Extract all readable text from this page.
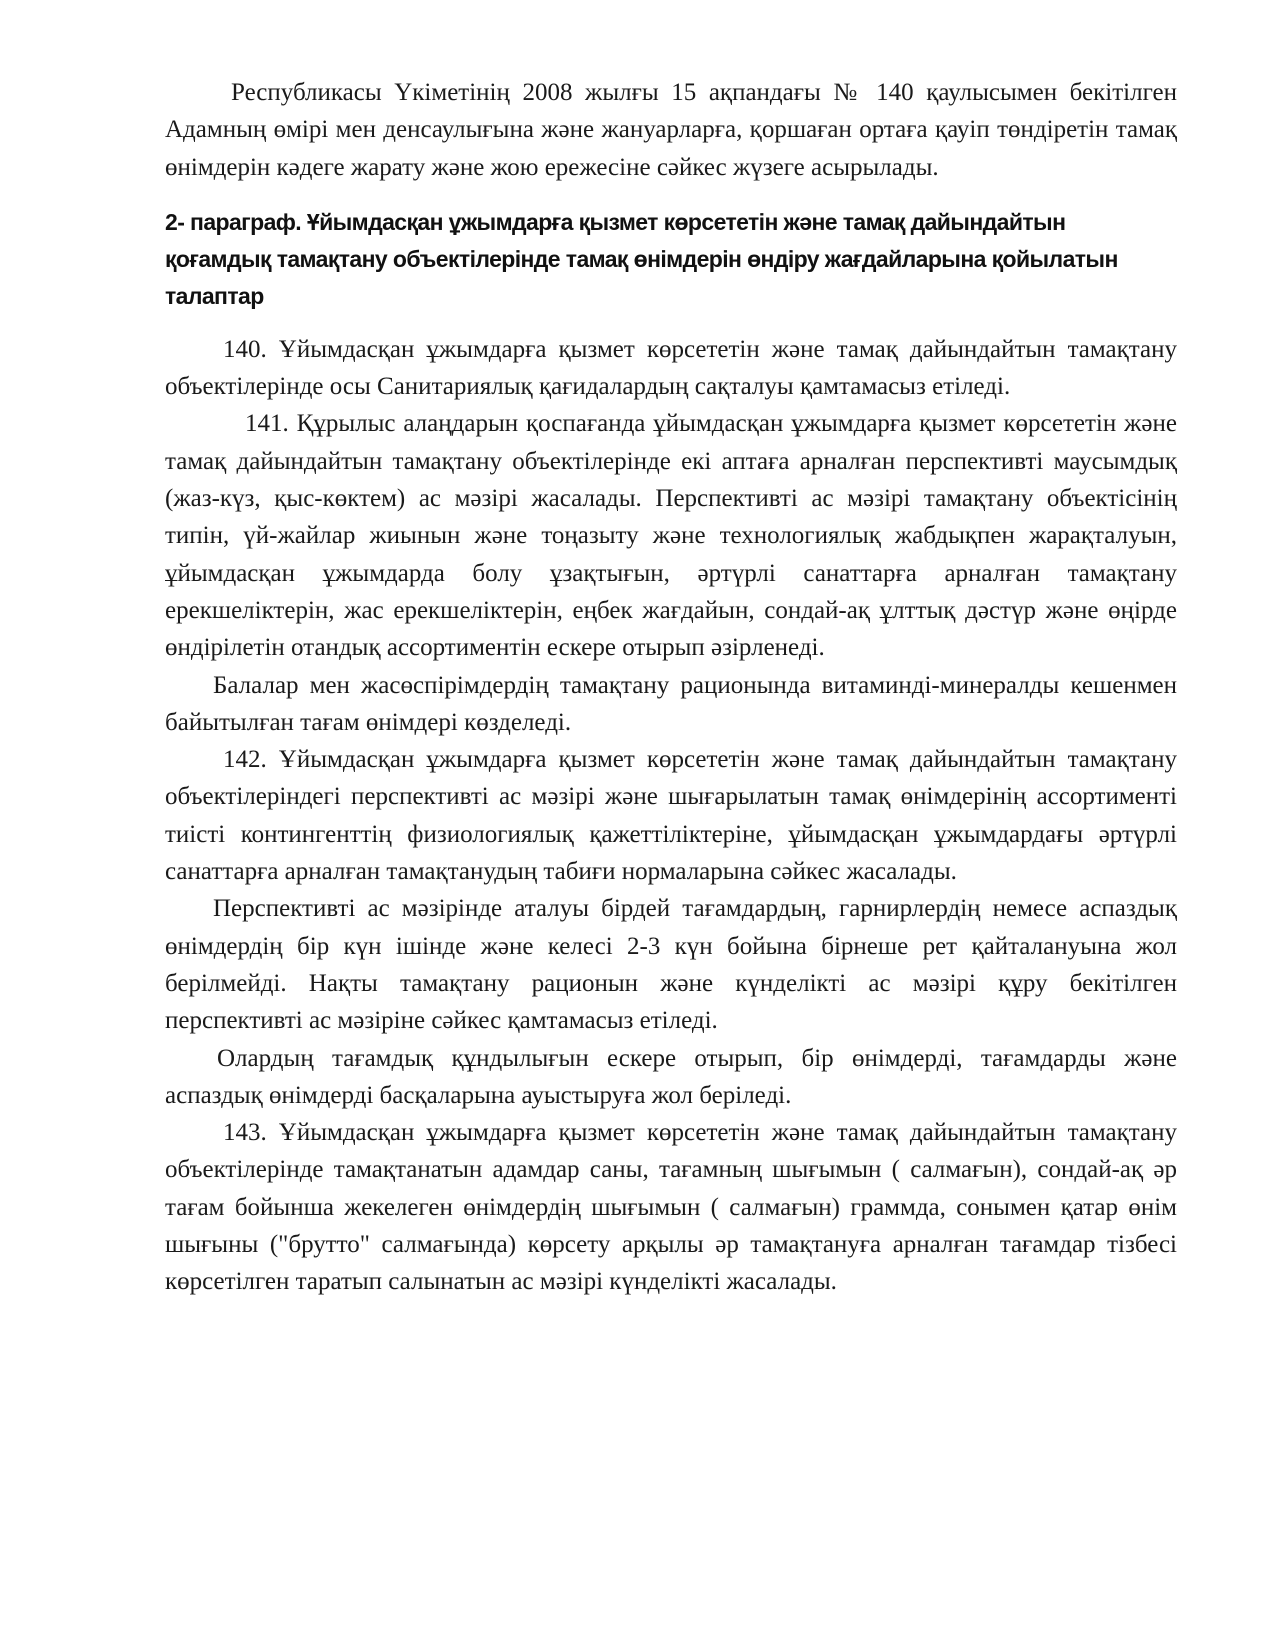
Республикасы Үкіметінің 2008 жылғы 15 ақпандағы № 140 қаулысымен бекітілген Адамның өмірі мен денсаулығына және жануарларға, қоршаған ортаға қауіп төндіретін тамақ өнімдерін кәдеге жарату және жою ережесіне сәйкес жүзеге асырылады.

2- параграф. Ұйымдасқан ұжымдарға қызмет көрсететін және тамақ дайындайтын қоғамдық тамақтану объектілерінде тамақ өнімдерін өндіру жағдайларына қойылатын талаптар

140. Ұйымдасқан ұжымдарға қызмет көрсететін және тамақ дайындайтын тамақтану объектілерінде осы Санитариялық қағидалардың сақталуы қамтамасыз етіледі.

141. Құрылыс алаңдарын қоспағанда ұйымдасқан ұжымдарға қызмет көрсететін және тамақ дайындайтын тамақтану объектілерінде екі аптаға арналған перспективті маусымдық (жаз-күз, қыс-көктем) ас мәзірі жасалады. Перспективті ас мәзірі тамақтану объектісінің типін, үй-жайлар жиынын және тоңазыту және технологиялық жабдықпен жарақталуын, ұйымдасқан ұжымдарда болу ұзақтығын, әртүрлі санаттарға арналған тамақтану ерекшеліктерін, жас ерекшеліктерін, еңбек жағдайын, сондай-ақ ұлттық дәстүр және өңірде өндірілетін отандық ассортиментін ескере отырып әзірленеді.

Балалар мен жасөспірімдердің тамақтану рационында витаминді-минералды кешенмен байытылған тағам өнімдері көзделеді.

142. Ұйымдасқан ұжымдарға қызмет көрсететін және тамақ дайындайтын тамақтану объектілеріндегі перспективті ас мәзірі және шығарылатын тамақ өнімдерінің ассортименті тиісті контингенттің физиологиялық қажеттіліктеріне, ұйымдасқан ұжымдардағы әртүрлі санаттарға арналған тамақтанудың табиғи нормаларына сәйкес жасалады.

Перспективті ас мәзірінде аталуы бірдей тағамдардың, гарнирлердің немесе аспаздық өнімдердің бір күн ішінде және келесі 2-3 күн бойына бірнеше рет қайталануына жол берілмейді. Нақты тамақтану рационын және күнделікті ас мәзірі құру бекітілген перспективті ас мәзіріне сәйкес қамтамасыз етіледі.

Олардың тағамдық құндылығын ескере отырып, бір өнімдерді, тағамдарды және аспаздық өнімдерді басқаларына ауыстыруға жол беріледі.

143. Ұйымдасқан ұжымдарға қызмет көрсететін және тамақ дайындайтын тамақтану объектілерінде тамақтанатын адамдар саны, тағамның шығымын ( салмағын), сондай-ақ әр тағам бойынша жекелеген өнімдердің шығымын ( салмағын) граммда, сонымен қатар өнім шығыны ("брутто" салмағында) көрсету арқылы әр тамақтануға арналған тағамдар тізбесі көрсетілген таратып салынатын ас мәзірі күнделікті жасалады.
